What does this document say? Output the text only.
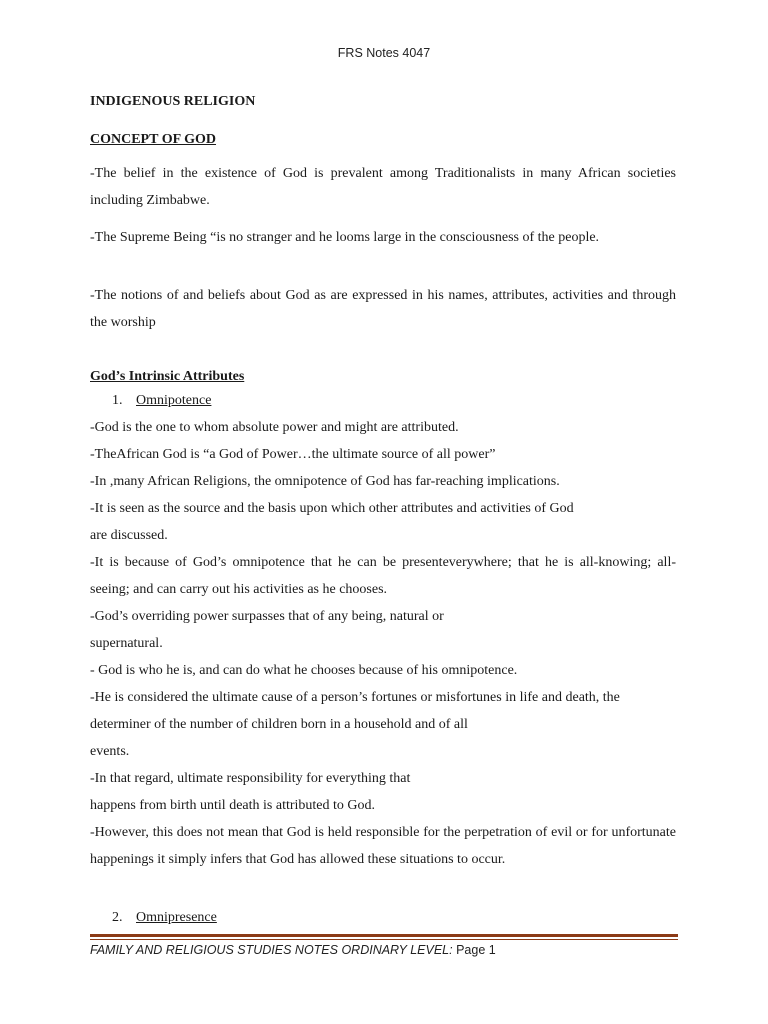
FRS Notes 4047

INDIGENOUS RELIGION

CONCEPT OF GOD

-The belief in the existence of God is prevalent among Traditionalists in many African societies including Zimbabwe.

-The Supreme Being “is no stranger and he looms large in the consciousness of the people.

-The notions of and beliefs about God as are expressed in his names, attributes, activities and through the worship

God’s Intrinsic Attributes

1. Omnipotence

-God is the one to whom absolute power and might are attributed.

-TheAfrican God is “a God of Power…the ultimate source of all power”

-In ,many African Religions, the omnipotence of God has far-reaching implications.

-It is seen as the source and the basis upon which other attributes and activities of God

are discussed.

-It is because of God’s omnipotence that he can be presenteverywhere; that he is all-knowing; all-seeing; and can carry out his activities as he chooses.

-God’s overriding power surpasses that of any being, natural or

supernatural.

- God is who he is, and can do what he chooses because of his omnipotence.

-He is considered the ultimate cause of a person’s fortunes or misfortunes in life and death, the

determiner of the number of children born in a household and of all

events.

-In that regard, ultimate responsibility for everything that

happens from birth until death is attributed to God.

-However, this does not mean that God is held responsible for the perpetration of evil or for unfortunate happenings it simply infers that God has allowed these situations to occur.

2. Omnipresence
FAMILY AND RELIGIOUS STUDIES NOTES ORDINARY LEVEL: Page 1
